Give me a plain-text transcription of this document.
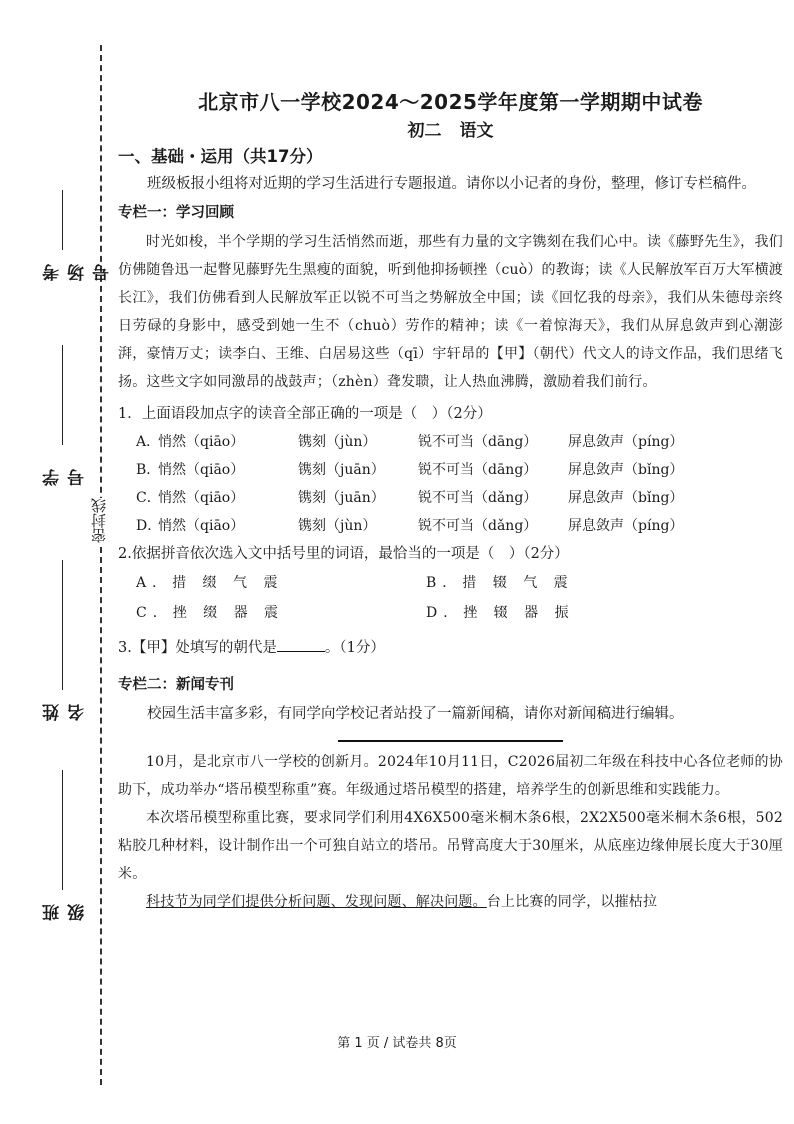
密封线
考场号
学号
姓名
班级
北京市八一学校2024～2025学年度第一学期期中试卷
初二 语文
一、基础・运用（共17分）

班级板报小组将对近期的学习生活进行专题报道。请你以小记者的身份，整理，修订专栏稿件。

专栏一：学习回顾

时光如梭，半个学期的学习生活悄然而逝，那些有力量的文字镌刻在我们心中。读《藤野先生》，我们仿佛随鲁迅一起瞥见藤野先生黑瘦的面貌，听到他抑扬顿挫（cuò）的教诲；读《人民解放军百万大军横渡长江》，我们仿佛看到人民解放军正以锐不可当之势解放全中国；读《回忆我的母亲》，我们从朱德母亲终日劳碌的身影中，感受到她一生不（chuò）劳作的精神；读《一着惊海天》，我们从屏息敛声到心潮澎湃，豪情万丈；读李白、王维、白居易这些（qī）宇轩昂的【甲】（朝代）代文人的诗文作品，我们思绪飞扬。这些文字如同激昂的战鼓声；（zhèn）聋发聩，让人热血沸腾，激励着我们前行。

1．上面语段加点字的读音全部正确的一项是（　）（2分）
A．
悄然（qiāo）	镌刻（jùn）	锐不可当（dāng）	屏息敛声（píng）
B．
悄然（qiāo）	镌刻（juān）	锐不可当（dāng）	屏息敛声（bǐng）
C．
悄然（qiāo）	镌刻（juān）	锐不可当（dǎng）	屏息敛声（bǐng）
D．
悄然（qiāo）	镌刻（jùn）	锐不可当（dǎng）	屏息敛声（píng）
2.依据拼音依次选入文中括号里的词语，最恰当的一项是（　）（2分）
A．措 缀 气 震	B．措 辍 气 震
C．挫 缀 器 震	D．挫 辍 器 振
3.【甲】处填写的朝代是	。（1分）
专栏二：新闻专刊

校园生活丰富多彩，有同学向学校记者站投了一篇新闻稿，请你对新闻稿进行编辑。

10月，是北京市八一学校的创新月。2024年10月11日，C2026届初二年级在科技中心各位老师的协助下，成功举办“塔吊模型称重”赛。年级通过塔吊模型的搭建，培养学生的创新思维和实践能力。

本次塔吊模型称重比赛，要求同学们利用4X6X500毫米桐木条6根，2X2X500毫米桐木条6根，502粘胶几种材料，设计制作出一个可独自站立的塔吊。吊臂高度大于30厘米，从底座边缘伸展长度大于30厘米。

科技节为同学们提供分析问题、发现问题、解决问题。台上比赛的同学，以摧枯拉

第 1 页 / 试卷共 8页
